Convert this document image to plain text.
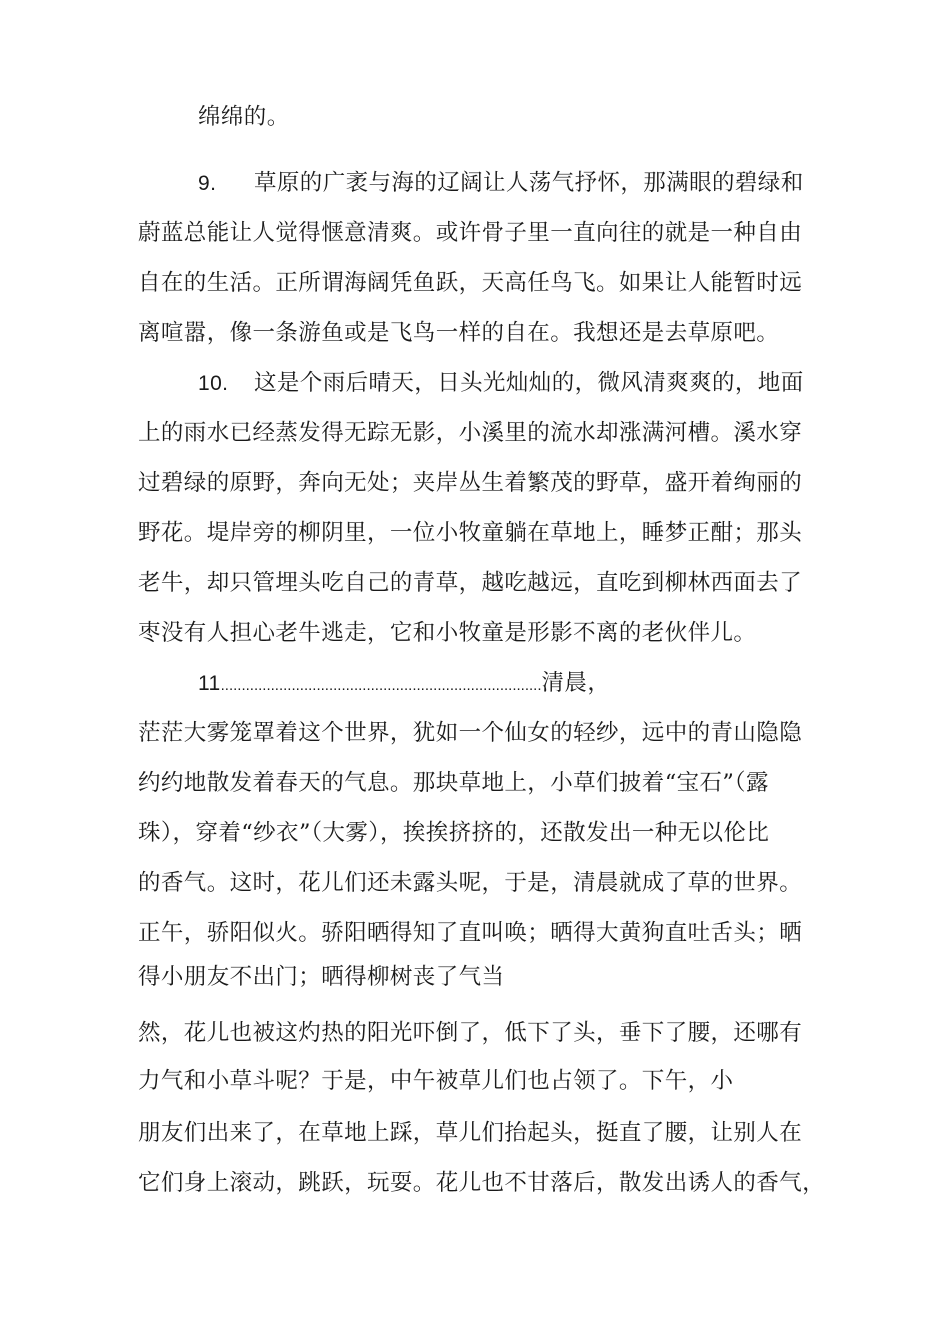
绵绵的。
9. 草原的广袤与海的辽阔让人荡气抒怀，那满眼的碧绿和
蔚蓝总能让人觉得惬意清爽。或许骨子里一直向往的就是一种自由
自在的生活。正所谓海阔凭鱼跃，天高任鸟飞。如果让人能暂时远
离喧嚣，像一条游鱼或是飞鸟一样的自在。我想还是去草原吧。
10. 这是个雨后晴天，日头光灿灿的，微风清爽爽的，地面
上的雨水已经蒸发得无踪无影，小溪里的流水却涨满河槽。溪水穿
过碧绿的原野，奔向无处；夹岸丛生着繁茂的野草，盛开着绚丽的
野花。堤岸旁的柳阴里，一位小牧童躺在草地上，睡梦正酣；那头
老牛，却只管埋头吃自己的青草，越吃越远，直吃到柳林西面去了
枣没有人担心老牛逃走，它和小牧童是形影不离的老伙伴儿。
11.............................................................................清晨，
茫茫大雾笼罩着这个世界，犹如一个仙女的轻纱，远中的青山隐隐
约约地散发着春天的气息。那块草地上，小草们披着“宝石”（露
珠），穿着“纱衣”（大雾），挨挨挤挤的，还散发出一种无以伦比
的香气。这时，花儿们还未露头呢，于是，清晨就成了草的世界。
正午，骄阳似火。骄阳晒得知了直叫唤；晒得大黄狗直吐舌头；晒
得小朋友不出门；晒得柳树丧了气当
然，花儿也被这灼热的阳光吓倒了，低下了头，垂下了腰，还哪有
力气和小草斗呢？于是，中午被草儿们也占领了。下午，小
朋友们出来了，在草地上踩，草儿们抬起头，挺直了腰，让别人在
它们身上滚动，跳跃，玩耍。花儿也不甘落后，散发出诱人的香气，
